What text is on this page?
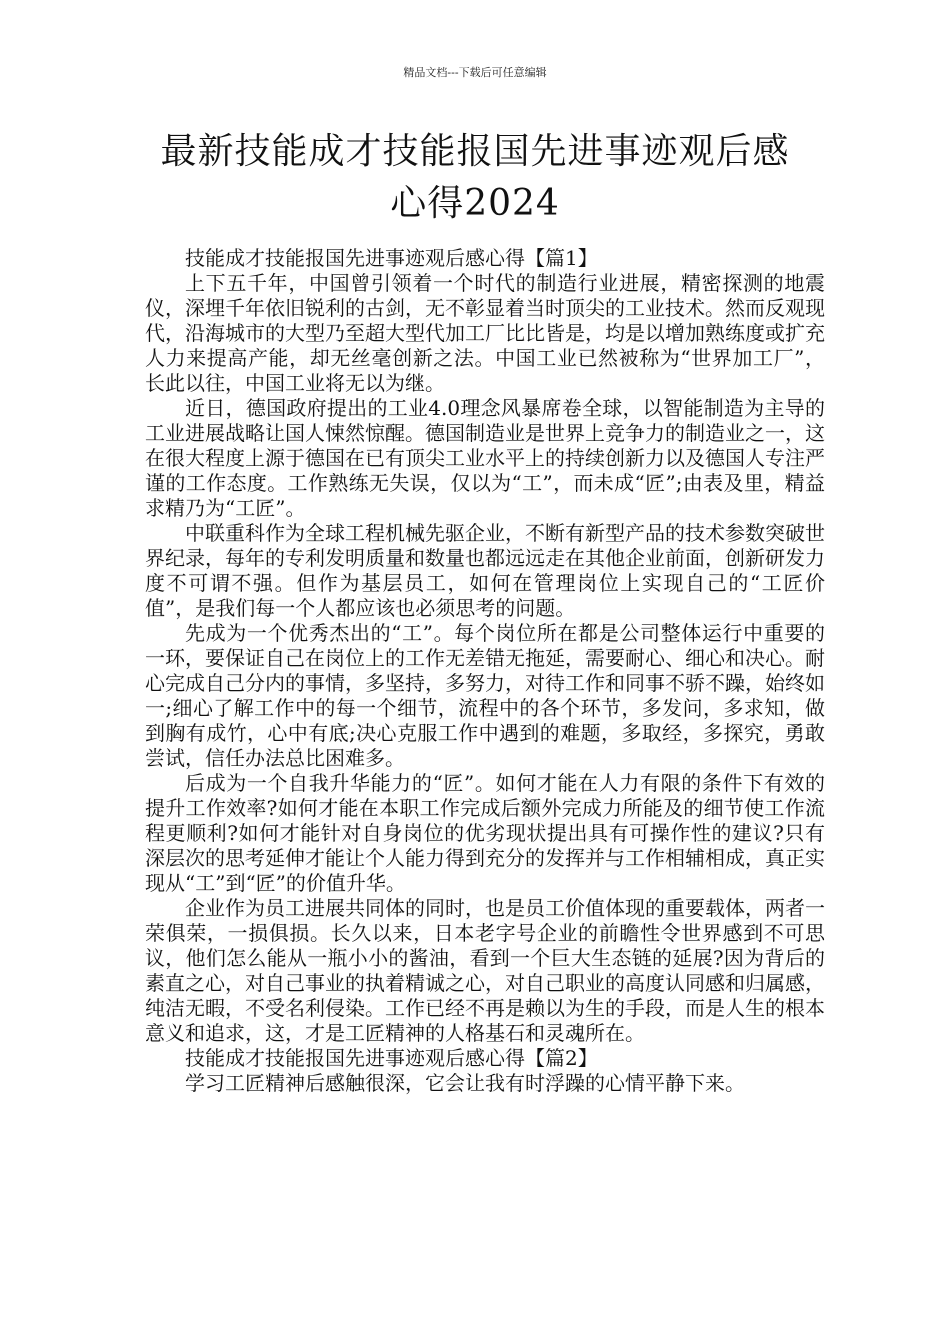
精品文档---下载后可任意编辑
最新技能成才技能报国先进事迹观后感心得2024

技能成才技能报国先进事迹观后感心得【篇1】

上下五千年，中国曾引领着一个时代的制造行业进展，精密探测的地震仪，深埋千年依旧锐利的古剑，无不彰显着当时顶尖的工业技术。然而反观现代，沿海城市的大型乃至超大型代加工厂比比皆是，均是以增加熟练度或扩充人力来提高产能，却无丝毫创新之法。中国工业已然被称为“世界加工厂”，长此以往，中国工业将无以为继。

近日，德国政府提出的工业4.0理念风暴席卷全球，以智能制造为主导的工业进展战略让国人悚然惊醒。德国制造业是世界上竞争力的制造业之一，这在很大程度上源于德国在已有顶尖工业水平上的持续创新力以及德国人专注严谨的工作态度。工作熟练无失误，仅以为“工”，而未成“匠”;由表及里，精益求精乃为“工匠”。

中联重科作为全球工程机械先驱企业，不断有新型产品的技术参数突破世界纪录，每年的专利发明质量和数量也都远远走在其他企业前面，创新研发力度不可谓不强。但作为基层员工，如何在管理岗位上实现自己的“工匠价值”，是我们每一个人都应该也必须思考的问题。

先成为一个优秀杰出的“工”。每个岗位所在都是公司整体运行中重要的一环，要保证自己在岗位上的工作无差错无拖延，需要耐心、细心和决心。耐心完成自己分内的事情，多坚持，多努力，对待工作和同事不骄不躁，始终如一;细心了解工作中的每一个细节，流程中的各个环节，多发问，多求知，做到胸有成竹，心中有底;决心克服工作中遇到的难题，多取经，多探究，勇敢尝试，信任办法总比困难多。

后成为一个自我升华能力的“匠”。如何才能在人力有限的条件下有效的提升工作效率?如何才能在本职工作完成后额外完成力所能及的细节使工作流程更顺利?如何才能针对自身岗位的优劣现状提出具有可操作性的建议?只有深层次的思考延伸才能让个人能力得到充分的发挥并与工作相辅相成，真正实现从“工”到“匠”的价值升华。

企业作为员工进展共同体的同时，也是员工价值体现的重要载体，两者一荣俱荣，一损俱损。长久以来，日本老字号企业的前瞻性令世界感到不可思议，他们怎么能从一瓶小小的酱油，看到一个巨大生态链的延展?因为背后的素直之心，对自己事业的执着精诚之心，对自己职业的高度认同感和归属感，纯洁无暇，不受名利侵染。工作已经不再是赖以为生的手段，而是人生的根本意义和追求，这，才是工匠精神的人格基石和灵魂所在。

技能成才技能报国先进事迹观后感心得【篇2】

学习工匠精神后感触很深，它会让我有时浮躁的心情平静下来。
